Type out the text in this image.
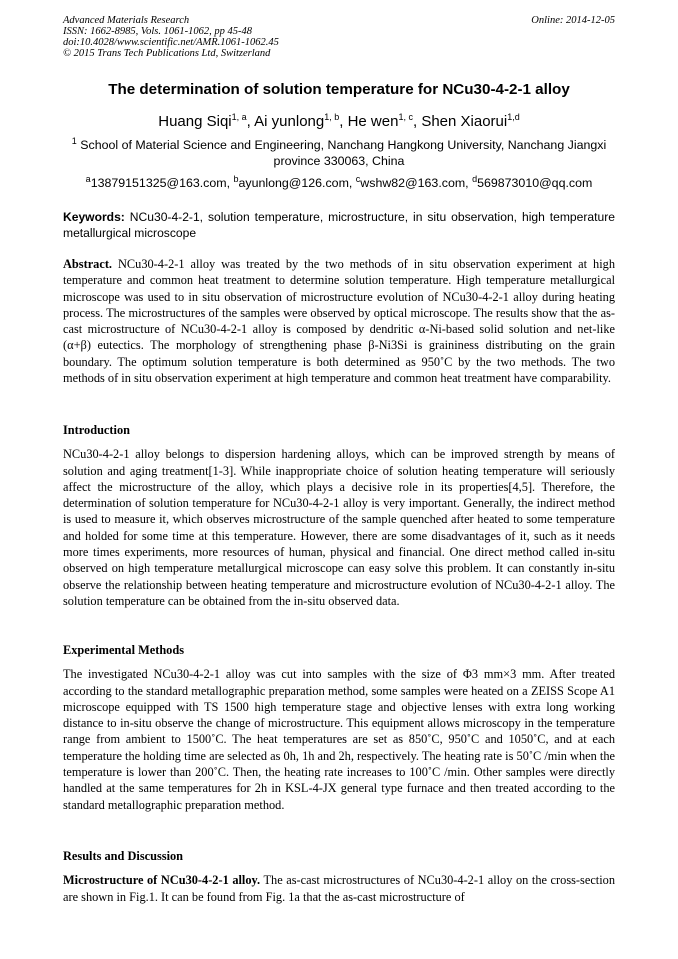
Advanced Materials Research
ISSN: 1662-8985, Vols. 1061-1062, pp 45-48
doi:10.4028/www.scientific.net/AMR.1061-1062.45
© 2015 Trans Tech Publications Ltd, Switzerland
Online: 2014-12-05
The determination of solution temperature for NCu30-4-2-1 alloy
Huang Siqi$^{1, a}$, Ai yunlong$^{1, b}$, He wen$^{1, c}$, Shen Xiaorui$^{1,d}$
$^1$ School of Material Science and Engineering, Nanchang Hangkong University, Nanchang Jiangxi province 330063, China
$^a$13879151325@163.com, $^b$ayunlong@126.com, $^c$wshw82@163.com, $^d$569873010@qq.com
Keywords: NCu30-4-2-1, solution temperature, microstructure, in situ observation, high temperature metallurgical microscope

Abstract. NCu30-4-2-1 alloy was treated by the two methods of in situ observation experiment at high temperature and common heat treatment to determine solution temperature. High temperature metallurgical microscope was used to in situ observation of microstructure evolution of NCu30-4-2-1 alloy during heating process. The microstructures of the samples were observed by optical microscope. The results show that the as-cast microstructure of NCu30-4-2-1 alloy is composed by dendritic α-Ni-based solid solution and net-like (α+β) eutectics. The morphology of strengthening phase β-Ni3Si is graininess distributing on the grain boundary. The optimum solution temperature is both determined as 950˚C by the two methods. The two methods of in situ observation experiment at high temperature and common heat treatment have comparability.

Introduction

NCu30-4-2-1 alloy belongs to dispersion hardening alloys, which can be improved strength by means of solution and aging treatment[1-3]. While inappropriate choice of solution heating temperature will seriously affect the microstructure of the alloy, which plays a decisive role in its properties[4,5]. Therefore, the determination of solution temperature for NCu30-4-2-1 alloy is very important. Generally, the indirect method is used to measure it, which observes microstructure of the sample quenched after heated to some temperature and holded for some time at this temperature. However, there are some disadvantages of it, such as it needs more times experiments, more resources of human, physical and financial. One direct method called in-situ observed on high temperature metallurgical microscope can easy solve this problem. It can constantly in-situ observe the relationship between heating temperature and microstructure evolution of NCu30-4-2-1 alloy. The solution temperature can be obtained from the in-situ observed data.

Experimental Methods

The investigated NCu30-4-2-1 alloy was cut into samples with the size of Φ3 mm×3 mm. After treated according to the standard metallographic preparation method, some samples were heated on a ZEISS Scope A1 microscope equipped with TS 1500 high temperature stage and objective lenses with extra long working distance to in-situ observe the change of microstructure. This equipment allows microscopy in the temperature range from ambient to 1500˚C. The heat temperatures are set as 850˚C, 950˚C and 1050˚C, and at each temperature the holding time are selected as 0h, 1h and 2h, respectively. The heating rate is 50˚C /min when the temperature is lower than 200˚C. Then, the heating rate increases to 100˚C /min. Other samples were directly handled at the same temperatures for 2h in KSL-4-JX general type furnace and then treated according to the standard metallographic preparation method.

Results and Discussion

Microstructure of NCu30-4-2-1 alloy. The as-cast microstructures of NCu30-4-2-1 alloy on the cross-section are shown in Fig.1. It can be found from Fig. 1a that the as-cast microstructure of
